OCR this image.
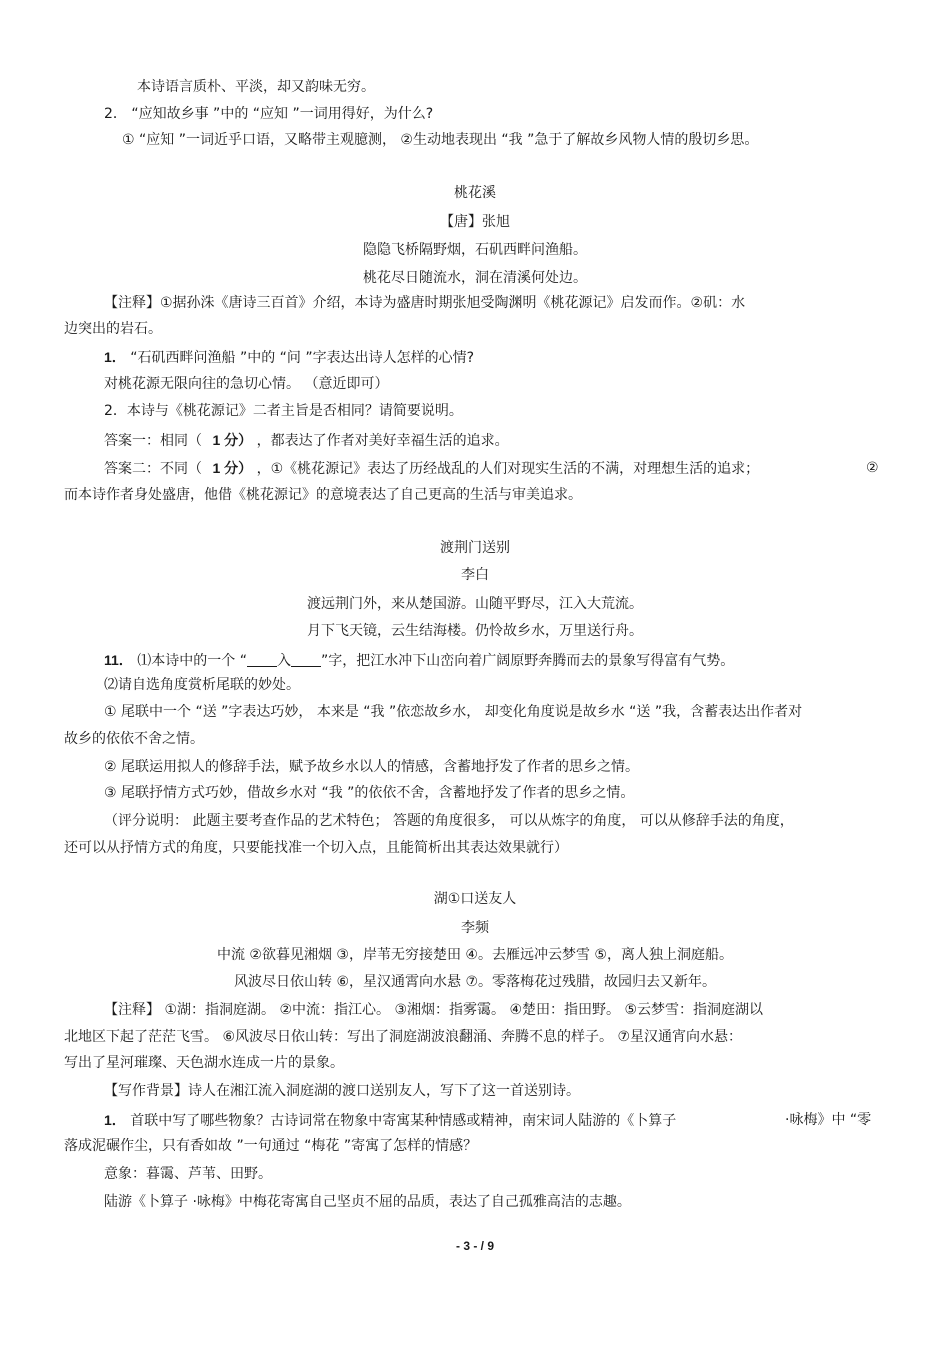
本诗语言质朴、平淡，却又韵味无穷。
2． “应知故乡事 ”中的 “应知 ”一词用得好，为什么?
① “应知 ”一词近乎口语，又略带主观臆测， ②生动地表现出 “我 ”急于了解故乡风物人情的殷切乡思。
桃花溪
【唐】张旭
隐隐飞桥隔野烟，石矶西畔问渔船。
桃花尽日随流水，洞在清溪何处边。
【注释】①据孙洙《唐诗三百首》介绍，本诗为盛唐时期张旭受陶渊明《桃花源记》启发而作。②矶：水
边突出的岩石。
1． “石矶西畔问渔船 ”中的 “问 ”字表达出诗人怎样的心情?
对桃花源无限向往的急切心情。 （意近即可）
2．本诗与《桃花源记》二者主旨是否相同？请简要说明。
答案一：相同（ 1 分） ，都表达了作者对美好幸福生活的追求。
答案二：不同（ 1 分） ，①《桃花源记》表达了历经战乱的人们对现实生活的不满，对理想生活的追求；	②
而本诗作者身处盛唐，他借《桃花源记》的意境表达了自己更高的生活与审美追求。
渡荆门送别
李白
渡远荆门外，来从楚国游。山随平野尽，江入大荒流。
月下飞天镜，云生结海楼。仍怜故乡水，万里送行舟。
11． ⑴本诗中的一个 “ 入 ”字，把江水冲下山峦向着广阔原野奔腾而去的景象写得富有气势。
⑵请自选角度赏析尾联的妙处。
① 尾联中一个 “送 ”字表达巧妙， 本来是 “我 ”依恋故乡水， 却变化角度说是故乡水 “送 ”我，含蓄表达出作者对
故乡的依依不舍之情。
② 尾联运用拟人的修辞手法，赋予故乡水以人的情感，含蓄地抒发了作者的思乡之情。
③ 尾联抒情方式巧妙，借故乡水对 “我 ”的依依不舍，含蓄地抒发了作者的思乡之情。
（评分说明： 此题主要考查作品的艺术特色； 答题的角度很多， 可以从炼字的角度， 可以从修辞手法的角度，
还可以从抒情方式的角度，只要能找准一个切入点，且能简析出其表达效果就行）
湖①口送友人
李频
中流 ②欲暮见湘烟 ③，岸苇无穷接楚田 ④。去雁远冲云梦雪 ⑤，离人独上洞庭船。
风波尽日依山转 ⑥，星汉通霄向水悬 ⑦。零落梅花过残腊，故园归去又新年。
【注释】 ①湖：指洞庭湖。 ②中流：指江心。 ③湘烟：指雾霭。 ④楚田：指田野。 ⑤云梦雪：指洞庭湖以
北地区下起了茫茫飞雪。 ⑥风波尽日依山转：写出了洞庭湖波浪翻涌、奔腾不息的样子。 ⑦星汉通宵向水悬：
写出了星河璀璨、天色湖水连成一片的景象。
【写作背景】诗人在湘江流入洞庭湖的渡口送别友人，写下了这一首送别诗。
1． 首联中写了哪些物象？古诗词常在物象中寄寓某种情感或精神，南宋词人陆游的《卜算子	·咏梅》中 “零
落成泥碾作尘，只有香如故 ”一句通过 “梅花 ”寄寓了怎样的情感？
意象：暮霭、芦苇、田野。
陆游《卜算子 ·咏梅》中梅花寄寓自己坚贞不屈的品质，表达了自己孤雅高洁的志趣。
- 3 - / 9
